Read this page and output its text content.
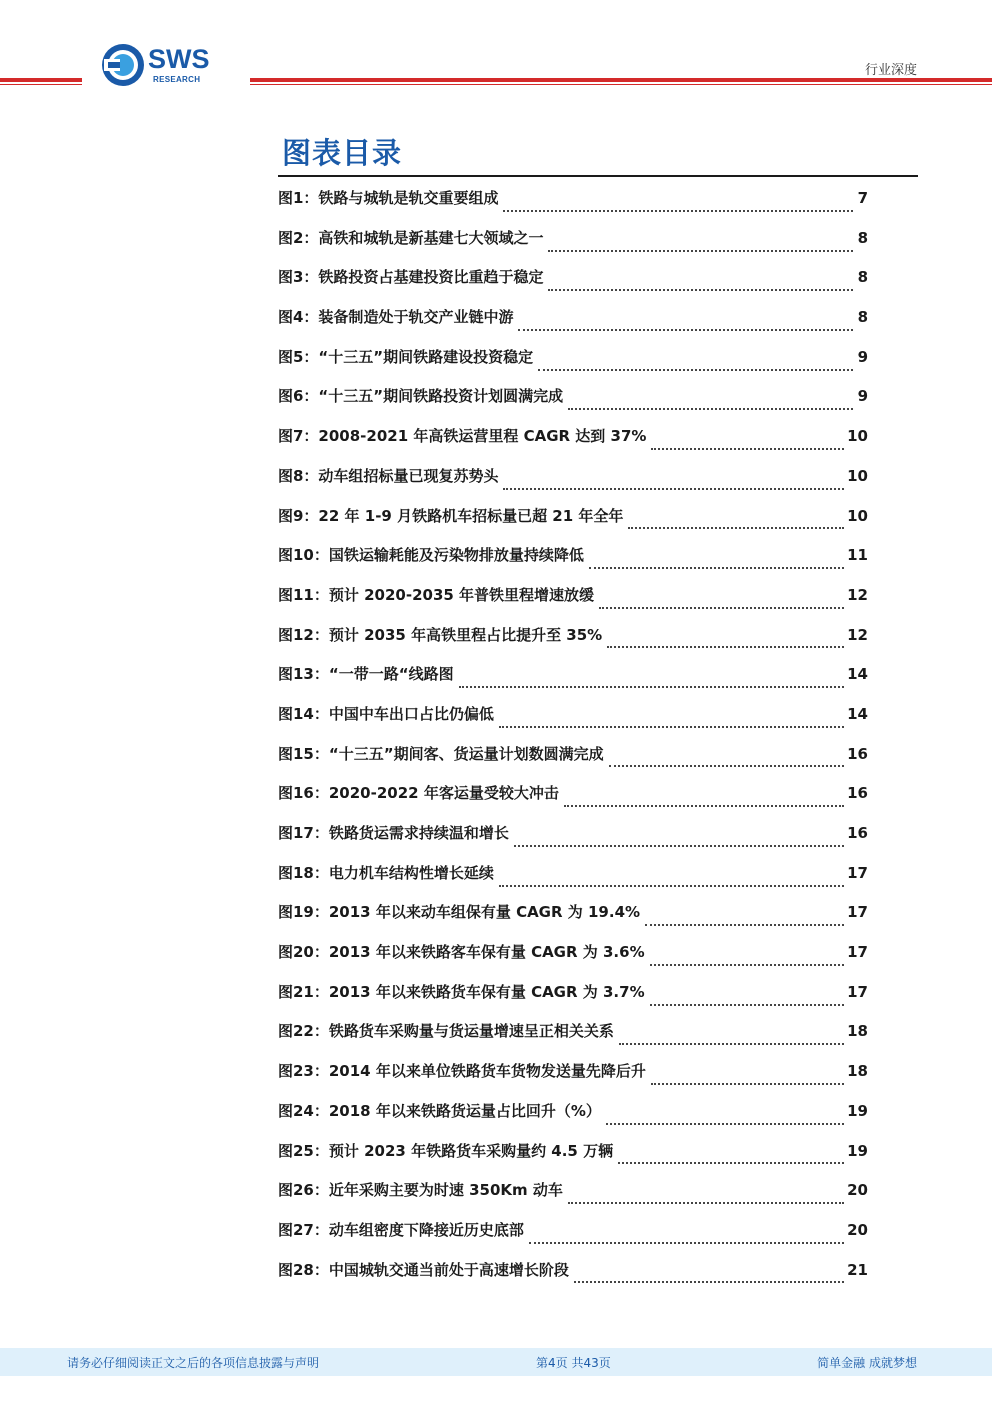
SWS
RESEARCH
行业深度
图表目录
图1：铁路与城轨是轨交重要组成	7
图2：高铁和城轨是新基建七大领域之一	8
图3：铁路投资占基建投资比重趋于稳定	8
图4：装备制造处于轨交产业链中游	8
图5：“十三五”期间铁路建设投资稳定	9
图6：“十三五”期间铁路投资计划圆满完成	9
图7：2008-2021 年高铁运营里程 CAGR 达到 37%	10
图8：动车组招标量已现复苏势头	10
图9：22 年 1-9 月铁路机车招标量已超 21 年全年	10
图10：国铁运输耗能及污染物排放量持续降低	11
图11：预计 2020-2035 年普铁里程增速放缓	12
图12：预计 2035 年高铁里程占比提升至 35%	12
图13：“一带一路“线路图	14
图14：中国中车出口占比仍偏低	14
图15：“十三五”期间客、货运量计划数圆满完成	16
图16：2020-2022 年客运量受较大冲击	16
图17：铁路货运需求持续温和增长	16
图18：电力机车结构性增长延续	17
图19：2013 年以来动车组保有量 CAGR 为 19.4%	17
图20：2013 年以来铁路客车保有量 CAGR 为 3.6%	17
图21：2013 年以来铁路货车保有量 CAGR 为 3.7%	17
图22：铁路货车采购量与货运量增速呈正相关关系	18
图23：2014 年以来单位铁路货车货物发送量先降后升	18
图24：2018 年以来铁路货运量占比回升（%）	19
图25：预计 2023 年铁路货车采购量约 4.5 万辆	19
图26：近年采购主要为时速 350Km 动车	20
图27：动车组密度下降接近历史底部	20
图28：中国城轨交通当前处于高速增长阶段	21
请务必仔细阅读正文之后的各项信息披露与声明	第4页 共43页	简单金融 成就梦想
